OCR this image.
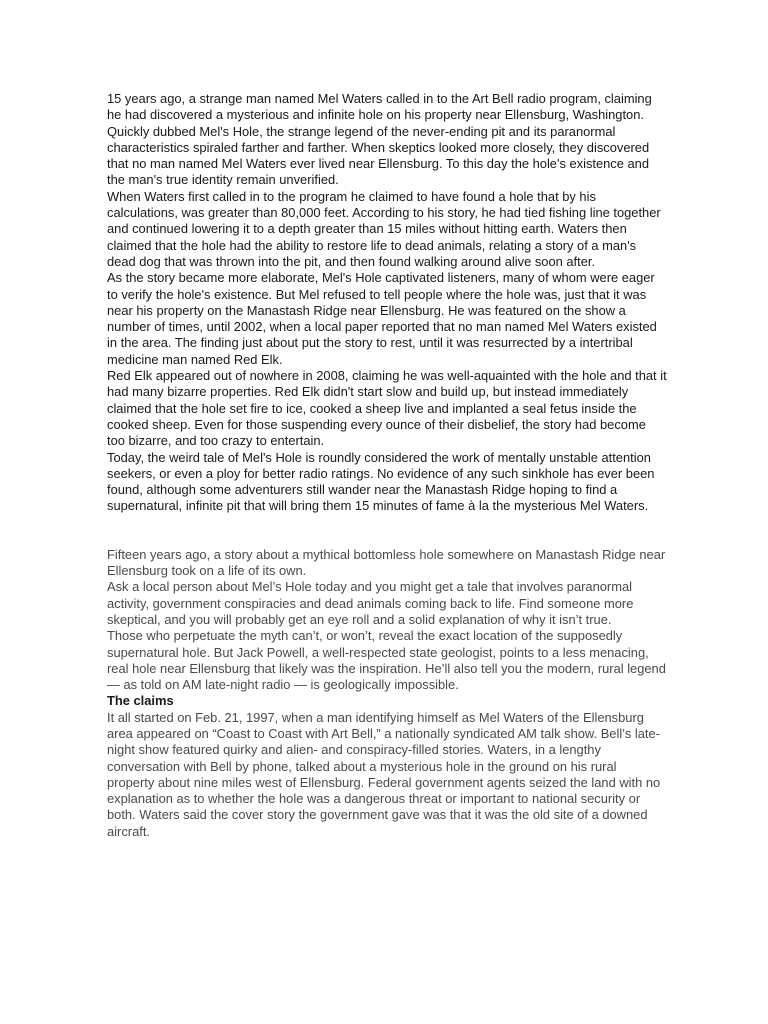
15 years ago, a strange man named Mel Waters called in to the Art Bell radio program, claiming he had discovered a mysterious and infinite hole on his property near Ellensburg, Washington.

Quickly dubbed Mel's Hole, the strange legend of the never-ending pit and its paranormal characteristics spiraled farther and farther. When skeptics looked more closely, they discovered that no man named Mel Waters ever lived near Ellensburg. To this day the hole's existence and the man's true identity remain unverified.

When Waters first called in to the program he claimed to have found a hole that by his calculations, was greater than 80,000 feet. According to his story, he had tied fishing line together and continued lowering it to a depth greater than 15 miles without hitting earth. Waters then claimed that the hole had the ability to restore life to dead animals, relating a story of a man's dead dog that was thrown into the pit, and then found walking around alive soon after.

As the story became more elaborate, Mel's Hole captivated listeners, many of whom were eager to verify the hole's existence. But Mel refused to tell people where the hole was, just that it was near his property on the Manastash Ridge near Ellensburg. He was featured on the show a number of times, until 2002, when a local paper reported that no man named Mel Waters existed in the area. The finding just about put the story to rest, until it was resurrected by a intertribal medicine man named Red Elk.

Red Elk appeared out of nowhere in 2008, claiming he was well-aquainted with the hole and that it had many bizarre properties. Red Elk didn't start slow and build up, but instead immediately claimed that the hole set fire to ice, cooked a sheep live and implanted a seal fetus inside the cooked sheep. Even for those suspending every ounce of their disbelief, the story had become too bizarre, and too crazy to entertain.

Today, the weird tale of Mel's Hole is roundly considered the work of mentally unstable attention seekers, or even a ploy for better radio ratings. No evidence of any such sinkhole has ever been found, although some adventurers still wander near the Manastash Ridge hoping to find a supernatural, infinite pit that will bring them 15 minutes of fame à la the mysterious Mel Waters.

Fifteen years ago, a story about a mythical bottomless hole somewhere on Manastash Ridge near Ellensburg took on a life of its own.

Ask a local person about Mel’s Hole today and you might get a tale that involves paranormal activity, government conspiracies and dead animals coming back to life. Find someone more skeptical, and you will probably get an eye roll and a solid explanation of why it isn’t true.

Those who perpetuate the myth can’t, or won’t, reveal the exact location of the supposedly supernatural hole. But Jack Powell, a well-respected state geologist, points to a less menacing, real hole near Ellensburg that likely was the inspiration. He’ll also tell you the modern, rural legend — as told on AM late-night radio — is geologically impossible.

The claims

It all started on Feb. 21, 1997, when a man identifying himself as Mel Waters of the Ellensburg area appeared on “Coast to Coast with Art Bell,” a nationally syndicated AM talk show. Bell’s late-night show featured quirky and alien- and conspiracy-filled stories. Waters, in a lengthy conversation with Bell by phone, talked about a mysterious hole in the ground on his rural property about nine miles west of Ellensburg. Federal government agents seized the land with no explanation as to whether the hole was a dangerous threat or important to national security or both. Waters said the cover story the government gave was that it was the old site of a downed aircraft.
